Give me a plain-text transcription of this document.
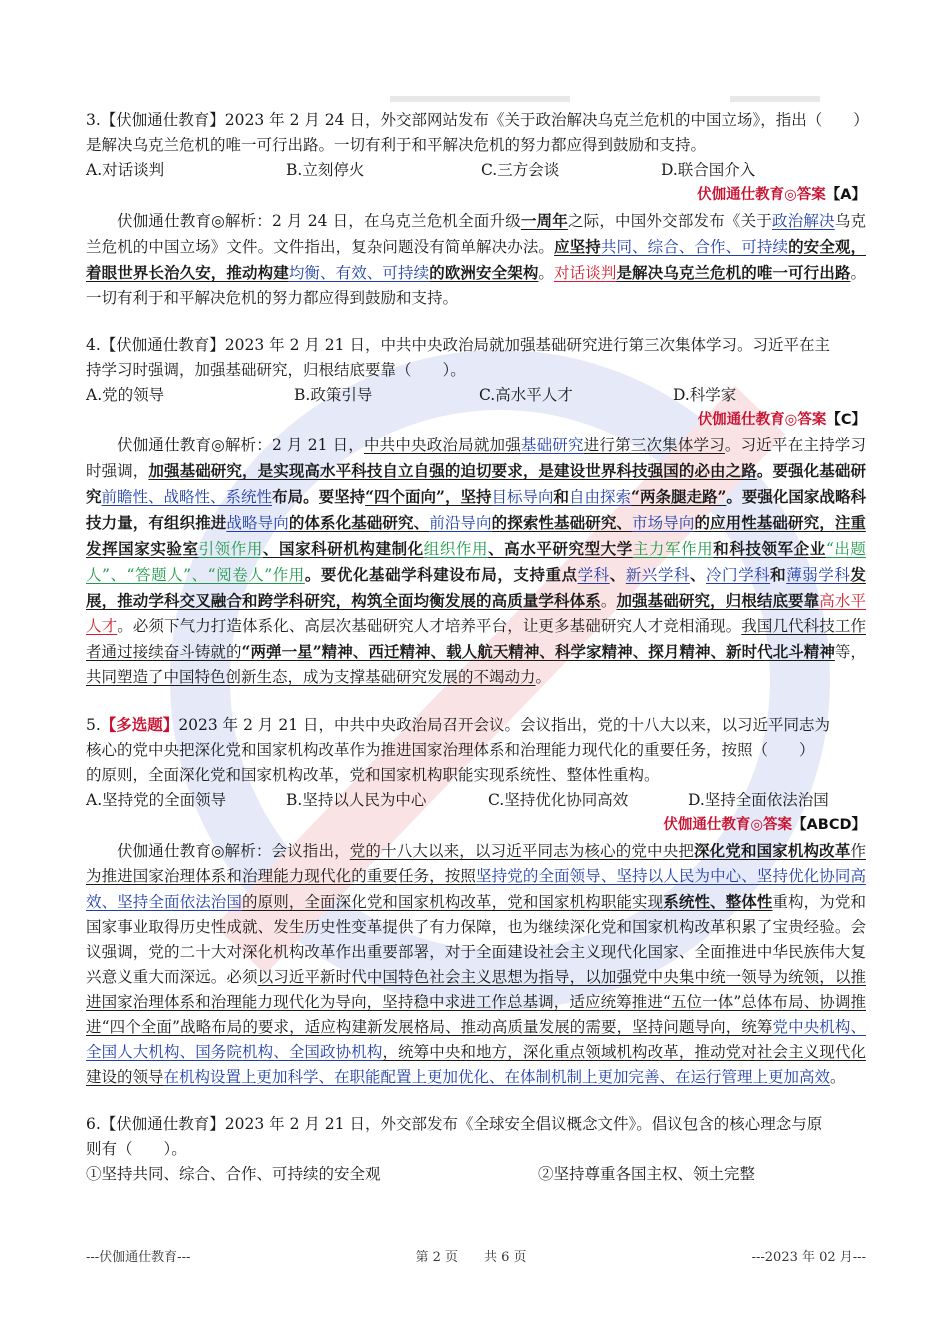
3.【伏伽通仕教育】2023 年 2 月 24 日，外交部网站发布《关于政治解决乌克兰危机的中国立场》，指出（　　）

是解决乌克兰危机的唯一可行出路。一切有利于和平解决危机的努力都应得到鼓励和支持。

A.对话谈判	B.立刻停火	C.三方会谈	D.联合国介入
伏伽通仕教育◎答案【A】

伏伽通仕教育◎解析：2 月 24 日，在乌克兰危机全面升级一周年之际，中国外交部发布《关于政治解决乌克兰危机的中国立场》文件。文件指出，复杂问题没有简单解决办法。应坚持共同、综合、合作、可持续的安全观，着眼世界长治久安，推动构建均衡、有效、可持续的欧洲安全架构。对话谈判是解决乌克兰危机的唯一可行出路。一切有利于和平解决危机的努力都应得到鼓励和支持。

4.【伏伽通仕教育】2023 年 2 月 21 日，中共中央政治局就加强基础研究进行第三次集体学习。习近平在主

持学习时强调，加强基础研究，归根结底要靠（　　）。

A.党的领导	B.政策引导	C.高水平人才	D.科学家
伏伽通仕教育◎答案【C】

伏伽通仕教育◎解析：2 月 21 日，中共中央政治局就加强基础研究进行第三次集体学习。习近平在主持学习时强调，加强基础研究，是实现高水平科技自立自强的迫切要求，是建设世界科技强国的必由之路。要强化基础研究前瞻性、战略性、系统性布局。要坚持“四个面向”，坚持目标导向和自由探索“两条腿走路”。要强化国家战略科技力量，有组织推进战略导向的体系化基础研究、前沿导向的探索性基础研究、市场导向的应用性基础研究，注重发挥国家实验室引领作用、国家科研机构建制化组织作用、高水平研究型大学主力军作用和科技领军企业“出题人”、“答题人”、“阅卷人”作用。要优化基础学科建设布局，支持重点学科、新兴学科、冷门学科和薄弱学科发展，推动学科交叉融合和跨学科研究，构筑全面均衡发展的高质量学科体系。加强基础研究，归根结底要靠高水平人才。必须下气力打造体系化、高层次基础研究人才培养平台，让更多基础研究人才竞相涌现。我国几代科技工作者通过接续奋斗铸就的“两弹一星”精神、西迁精神、载人航天精神、科学家精神、探月精神、新时代北斗精神等，共同塑造了中国特色创新生态，成为支撑基础研究发展的不竭动力。

5.【多选题】2023 年 2 月 21 日，中共中央政治局召开会议。会议指出，党的十八大以来，以习近平同志为

核心的党中央把深化党和国家机构改革作为推进国家治理体系和治理能力现代化的重要任务，按照（　　）

的原则，全面深化党和国家机构改革，党和国家机构职能实现系统性、整体性重构。

A.坚持党的全面领导	B.坚持以人民为中心	C.坚持优化协同高效	D.坚持全面依法治国
伏伽通仕教育◎答案【ABCD】

伏伽通仕教育◎解析：会议指出，党的十八大以来，以习近平同志为核心的党中央把深化党和国家机构改革作为推进国家治理体系和治理能力现代化的重要任务，按照坚持党的全面领导、坚持以人民为中心、坚持优化协同高效、坚持全面依法治国的原则，全面深化党和国家机构改革，党和国家机构职能实现系统性、整体性重构，为党和国家事业取得历史性成就、发生历史性变革提供了有力保障，也为继续深化党和国家机构改革积累了宝贵经验。会议强调，党的二十大对深化机构改革作出重要部署，对于全面建设社会主义现代化国家、全面推进中华民族伟大复兴意义重大而深远。必须以习近平新时代中国特色社会主义思想为指导，以加强党中央集中统一领导为统领，以推进国家治理体系和治理能力现代化为导向，坚持稳中求进工作总基调，适应统筹推进“五位一体”总体布局、协调推进“四个全面”战略布局的要求，适应构建新发展格局、推动高质量发展的需要，坚持问题导向，统筹党中央机构、全国人大机构、国务院机构、全国政协机构，统筹中央和地方，深化重点领域机构改革，推动党对社会主义现代化建设的领导在机构设置上更加科学、在职能配置上更加优化、在体制机制上更加完善、在运行管理上更加高效。

6.【伏伽通仕教育】2023 年 2 月 21 日，外交部发布《全球安全倡议概念文件》。倡议包含的核心理念与原

则有（　　）。

①坚持共同、综合、合作、可持续的安全观	②坚持尊重各国主权、领土完整
---伏伽通仕教育---	第 2 页　　共 6 页	---2023 年 02 月---
